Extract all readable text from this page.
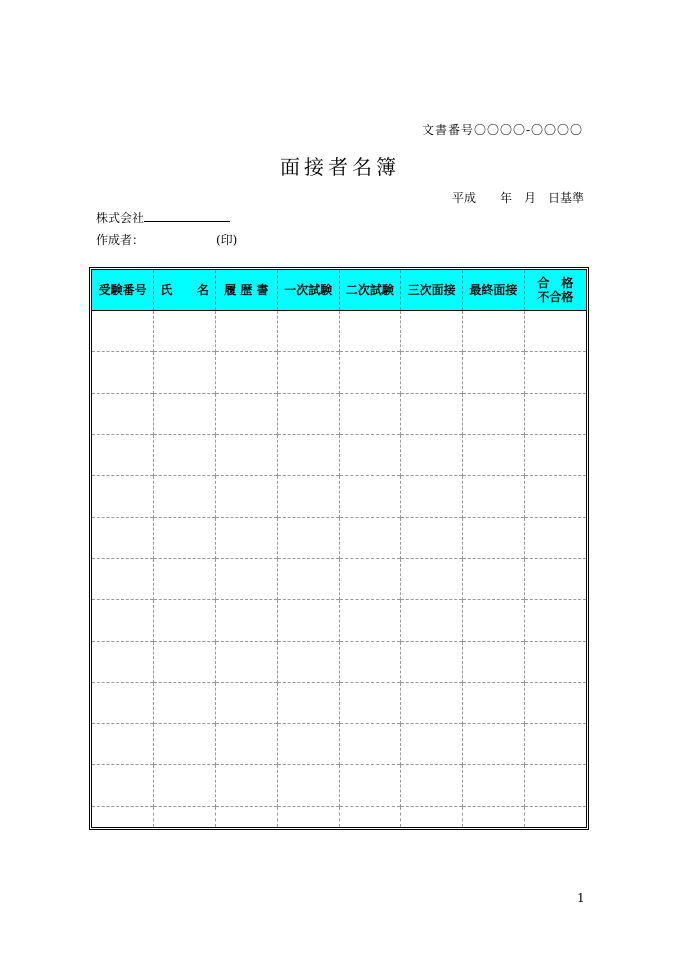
文書番号〇〇〇〇-〇〇〇〇
面接者名簿
平成　　年　月　日基準
株式会社
作成者：	(印)
受験番号	氏 名	履 歴 書	一次試験	二次試験	三次面接	最終面接	合　格
不合格

1
